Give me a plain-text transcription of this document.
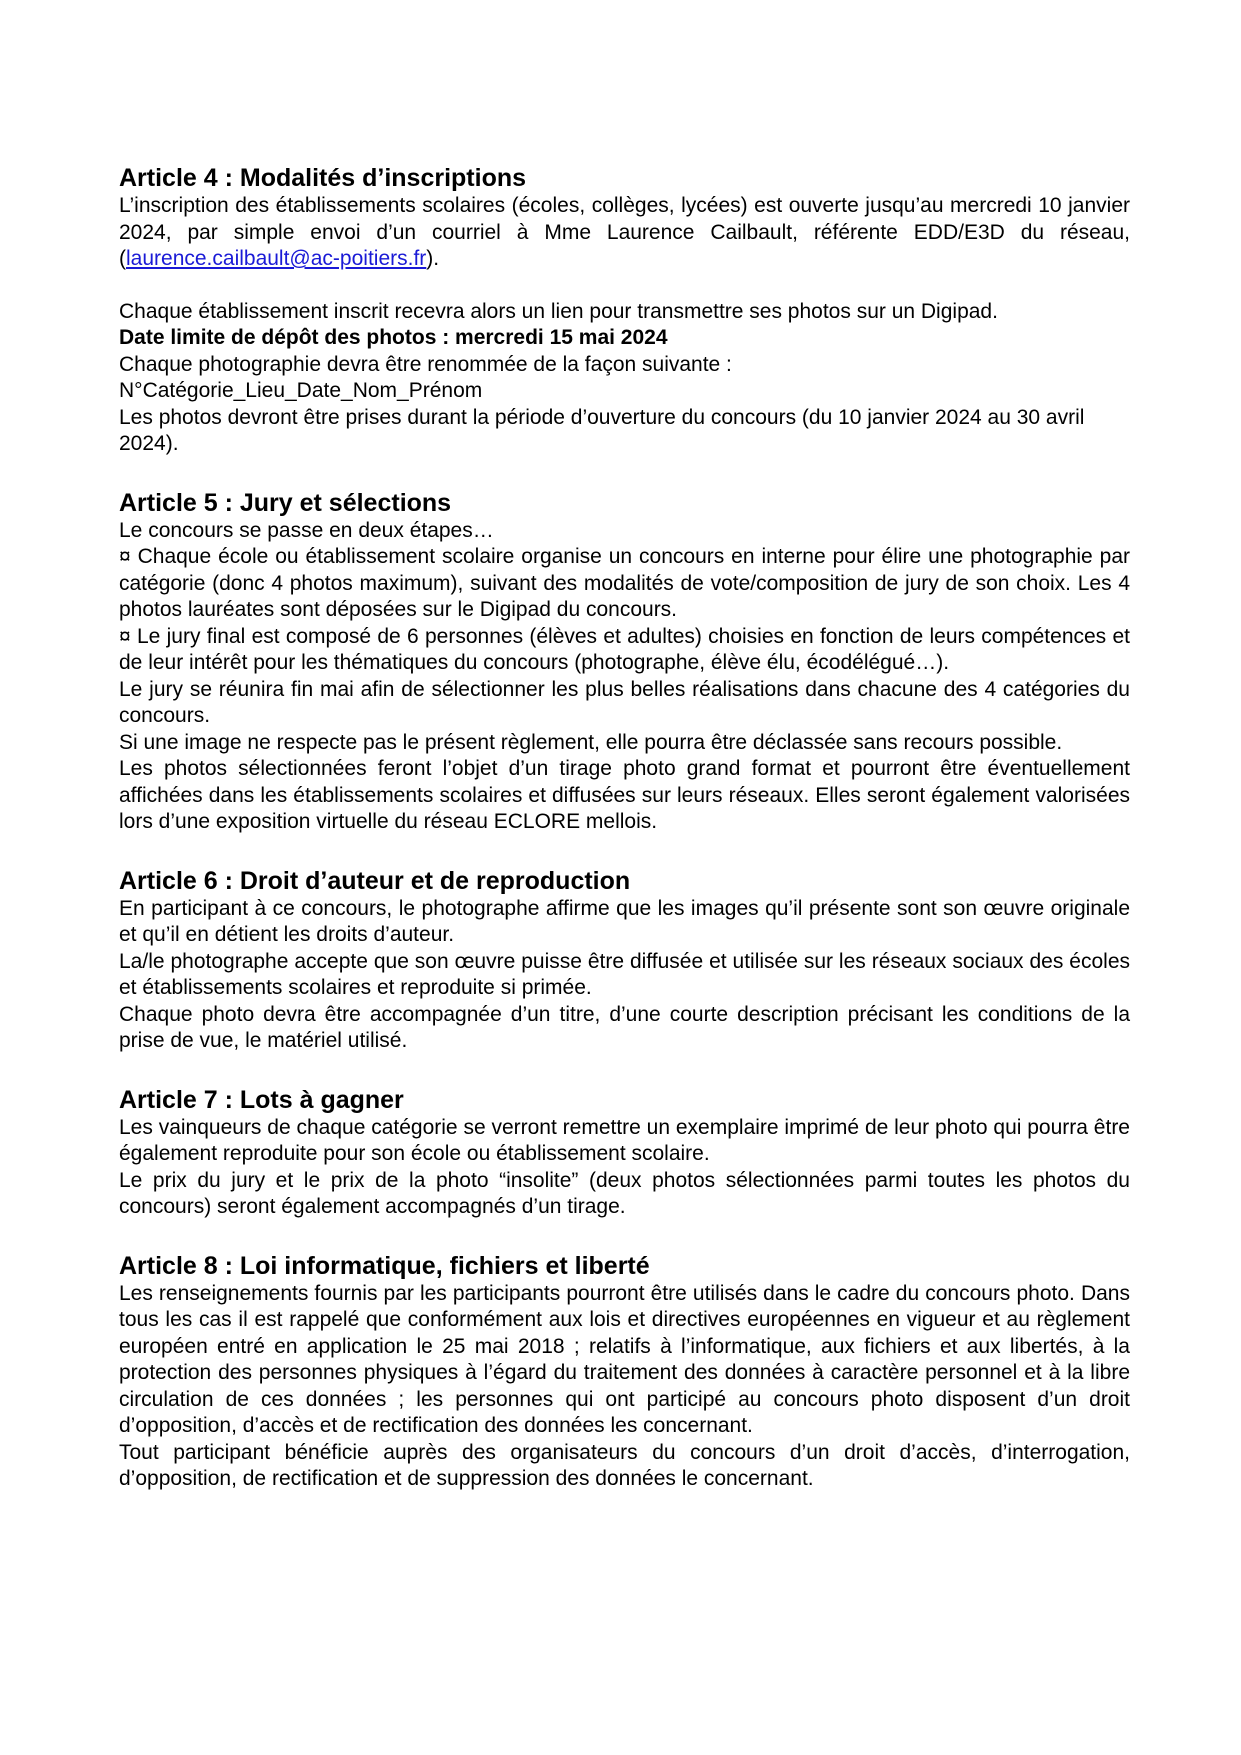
Article 4 : Modalités d’inscriptions

L’inscription des établissements scolaires (écoles, collèges, lycées) est ouverte jusqu’au mercredi 10 janvier 2024, par simple envoi d’un courriel à Mme Laurence Cailbault, référente EDD/E3D du réseau, (laurence.cailbault@ac-poitiers.fr).

Chaque établissement inscrit recevra alors un lien pour transmettre ses photos sur un Digipad.

Date limite de dépôt des photos : mercredi 15 mai 2024

Chaque photographie devra être renommée de la façon suivante :

N°Catégorie_Lieu_Date_Nom_Prénom

Les photos devront être prises durant la période d’ouverture du concours (du 10 janvier 2024 au 30 avril 2024).

Article 5 : Jury et sélections

Le concours se passe en deux étapes…

¤ Chaque école ou établissement scolaire organise un concours en interne pour élire une photographie par catégorie (donc 4 photos maximum), suivant des modalités de vote/composition de jury de son choix. Les 4 photos lauréates sont déposées sur le Digipad du concours.

¤ Le jury final est composé de 6 personnes (élèves et adultes) choisies en fonction de leurs compétences et de leur intérêt pour les thématiques du concours (photographe, élève élu, écodélégué…).

Le jury se réunira fin mai afin de sélectionner les plus belles réalisations dans chacune des 4 catégories du concours.

Si une image ne respecte pas le présent règlement, elle pourra être déclassée sans recours possible.

Les photos sélectionnées feront l’objet d’un tirage photo grand format et pourront être éventuellement affichées dans les établissements scolaires et diffusées sur leurs réseaux. Elles seront également valorisées lors d’une exposition virtuelle du réseau ECLORE mellois.

Article 6 : Droit d’auteur et de reproduction

En participant à ce concours, le photographe affirme que les images qu’il présente sont son œuvre originale et qu’il en détient les droits d’auteur.

La/le photographe accepte que son œuvre puisse être diffusée et utilisée sur les réseaux sociaux des écoles et établissements scolaires et reproduite si primée.

Chaque photo devra être accompagnée d’un titre, d’une courte description précisant les conditions de la prise de vue, le matériel utilisé.

Article 7 : Lots à gagner

Les vainqueurs de chaque catégorie se verront remettre un exemplaire imprimé de leur photo qui pourra être également reproduite pour son école ou établissement scolaire.

Le prix du jury et le prix de la photo “insolite” (deux photos sélectionnées parmi toutes les photos du concours) seront également accompagnés d’un tirage.

Article 8 : Loi informatique, fichiers et liberté

Les renseignements fournis par les participants pourront être utilisés dans le cadre du concours photo. Dans tous les cas il est rappelé que conformément aux lois et directives européennes en vigueur et au règlement européen entré en application le 25 mai 2018 ; relatifs à l’informatique, aux fichiers et aux libertés, à la protection des personnes physiques à l’égard du traitement des données à caractère personnel et à la libre circulation de ces données ; les personnes qui ont participé au concours photo disposent d’un droit d’opposition, d’accès et de rectification des données les concernant.

Tout participant bénéficie auprès des organisateurs du concours d’un droit d’accès, d’interrogation, d’opposition, de rectification et de suppression des données le concernant.
